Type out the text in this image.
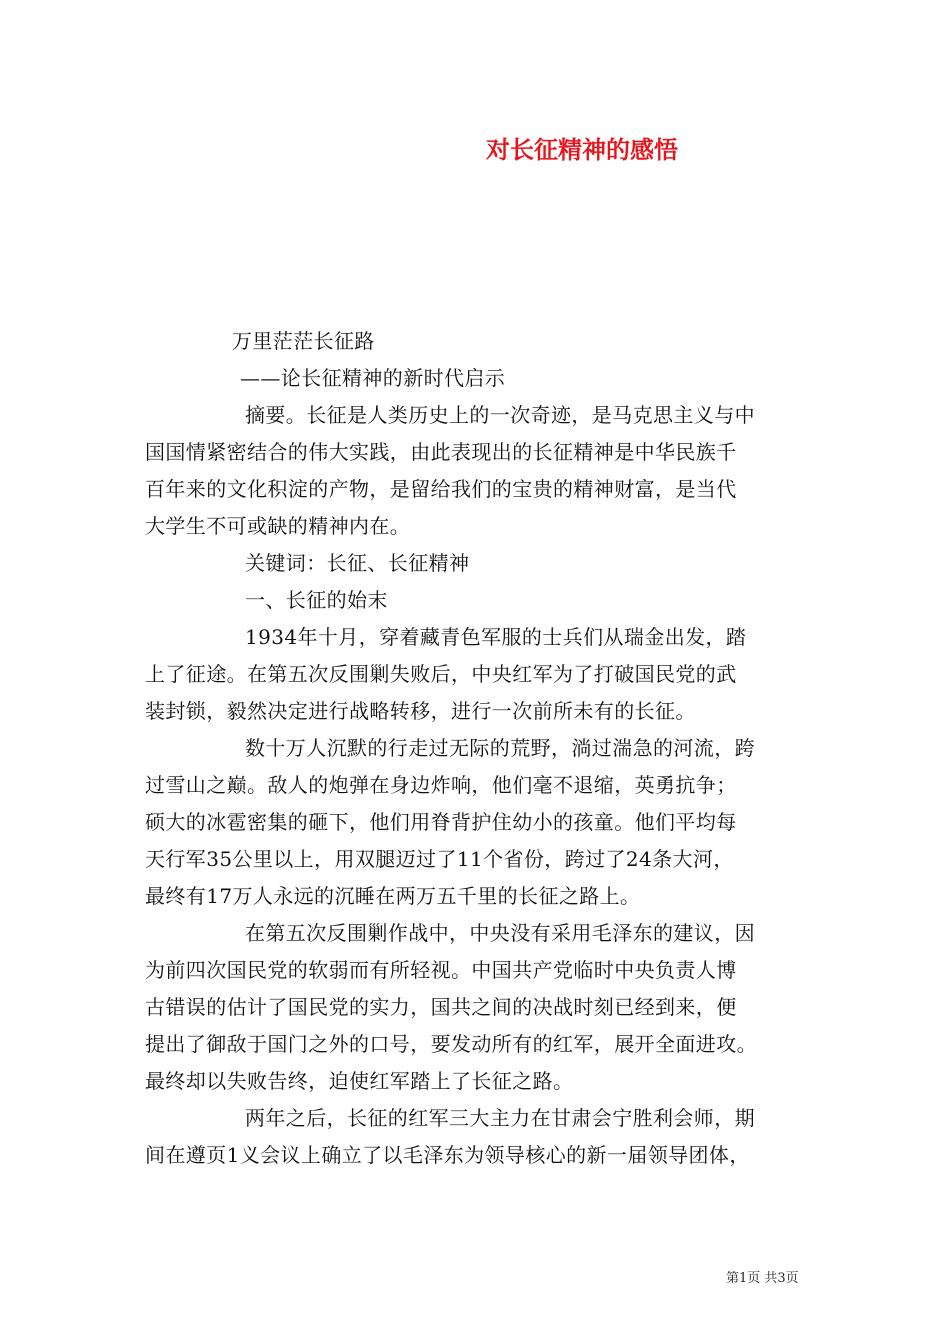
对长征精神的感悟
万里茫茫长征路
——论长征精神的新时代启示
摘要。长征是人类历史上的一次奇迹，是马克思主义与中
国国情紧密结合的伟大实践，由此表现出的长征精神是中华民族千
百年来的文化积淀的产物，是留给我们的宝贵的精神财富，是当代
大学生不可或缺的精神内在。
关键词：长征、长征精神
一、长征的始末
1934年十月，穿着藏青色军服的士兵们从瑞金出发，踏
上了征途。在第五次反围剿失败后，中央红军为了打破国民党的武
装封锁，毅然决定进行战略转移，进行一次前所未有的长征。
数十万人沉默的行走过无际的荒野，淌过湍急的河流，跨
过雪山之巅。敌人的炮弹在身边炸响，他们毫不退缩，英勇抗争；
硕大的冰雹密集的砸下，他们用脊背护住幼小的孩童。他们平均每
天行军35公里以上，用双腿迈过了11个省份，跨过了24条大河，
最终有17万人永远的沉睡在两万五千里的长征之路上。
在第五次反围剿作战中，中央没有采用毛泽东的建议，因
为前四次国民党的软弱而有所轻视。中国共产党临时中央负责人博
古错误的估计了国民党的实力，国共之间的决战时刻已经到来，便
提出了御敌于国门之外的口号，要发动所有的红军，展开全面进攻。
最终却以失败告终，迫使红军踏上了长征之路。
两年之后，长征的红军三大主力在甘肃会宁胜利会师，期
间在遵页1义会议上确立了以毛泽东为领导核心的新一届领导团体，
第1页 共3页
